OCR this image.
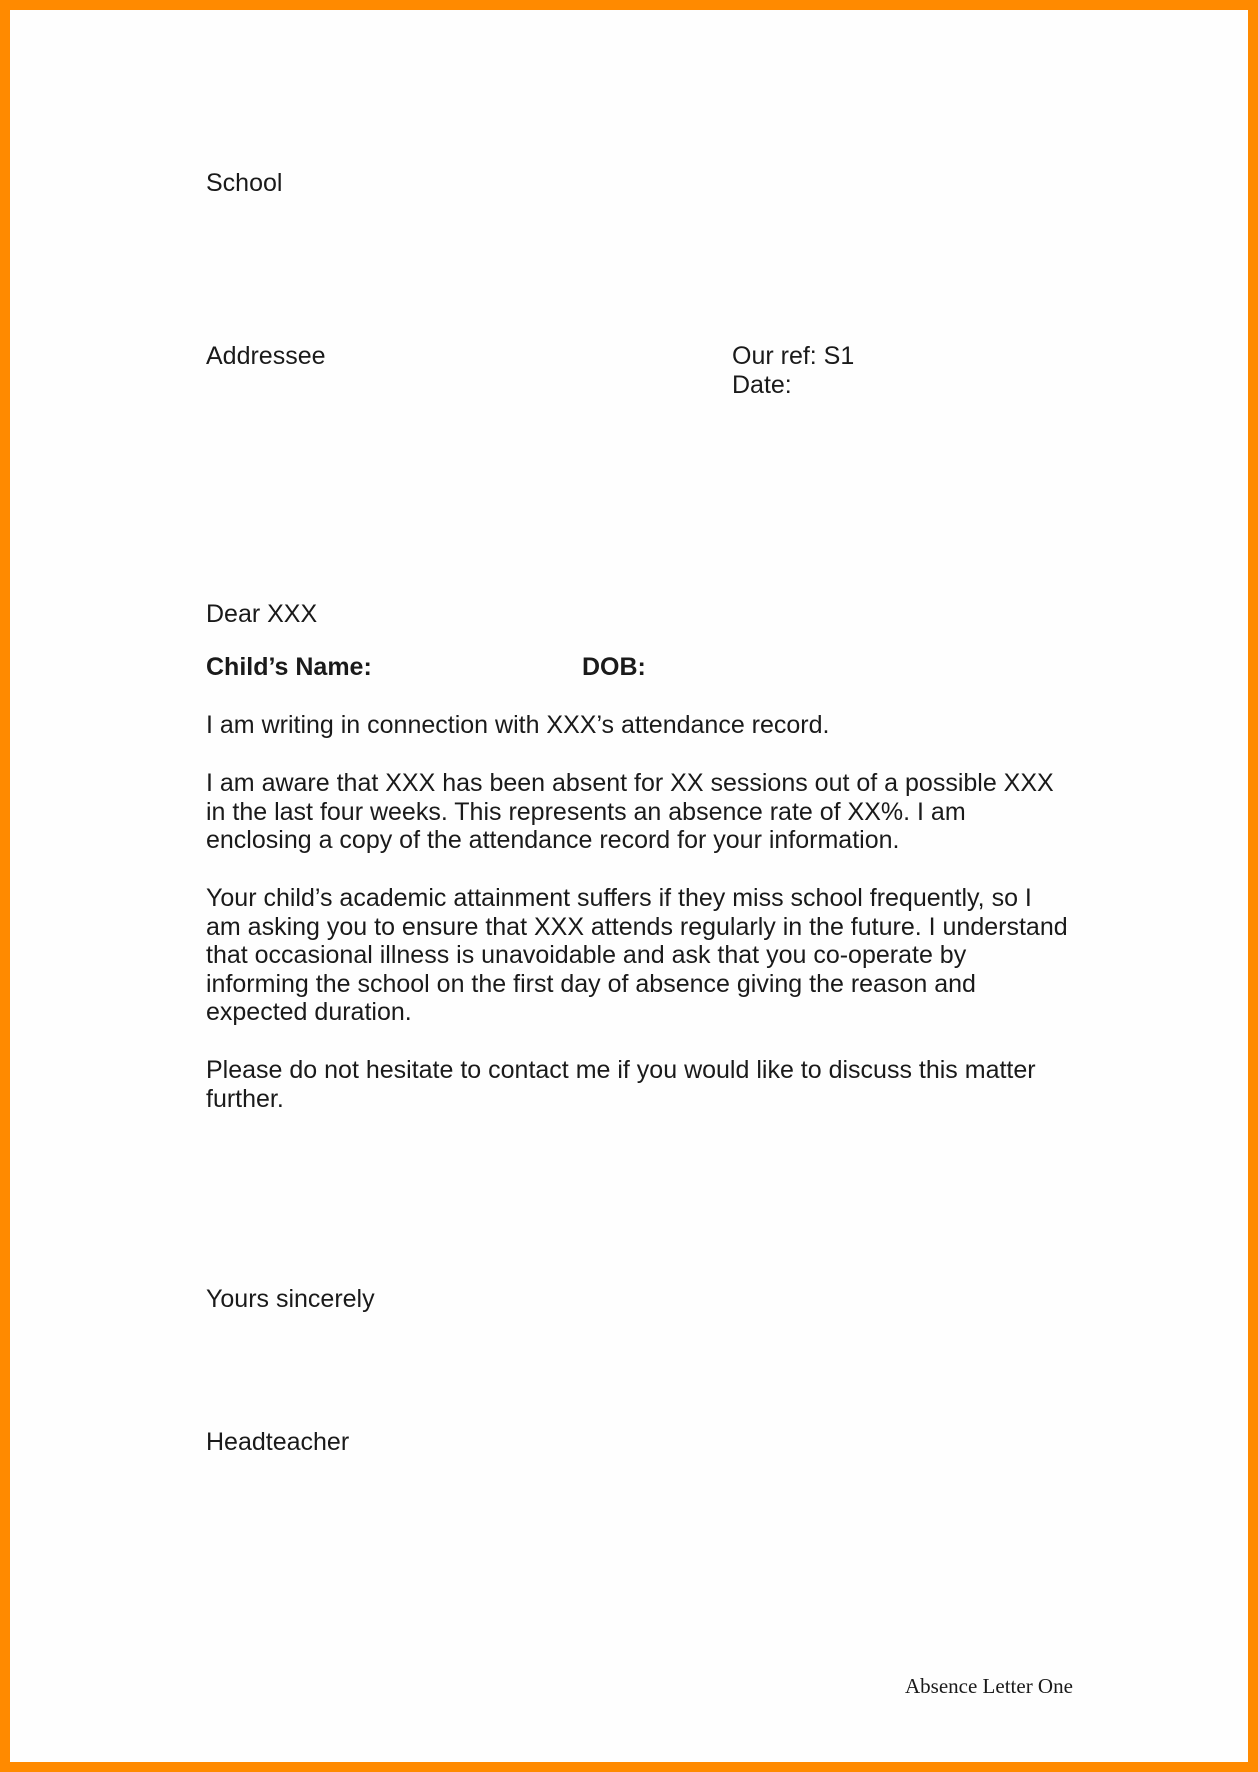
School
Addressee	Our ref: S1
Date:
Dear XXX
Child’s Name:	DOB:
I am writing in connection with XXX’s attendance record.
I am aware that XXX has been absent for XX sessions out of a possible XXX
in the last four weeks. This represents an absence rate of XX%. I am
enclosing a copy of the attendance record for your information.
Your child’s academic attainment suffers if they miss school frequently, so I
am asking you to ensure that XXX attends regularly in the future. I understand
that occasional illness is unavoidable and ask that you co-operate by
informing the school on the first day of absence giving the reason and
expected duration.
Please do not hesitate to contact me if you would like to discuss this matter
further.
Yours sincerely
Headteacher
Absence Letter One
